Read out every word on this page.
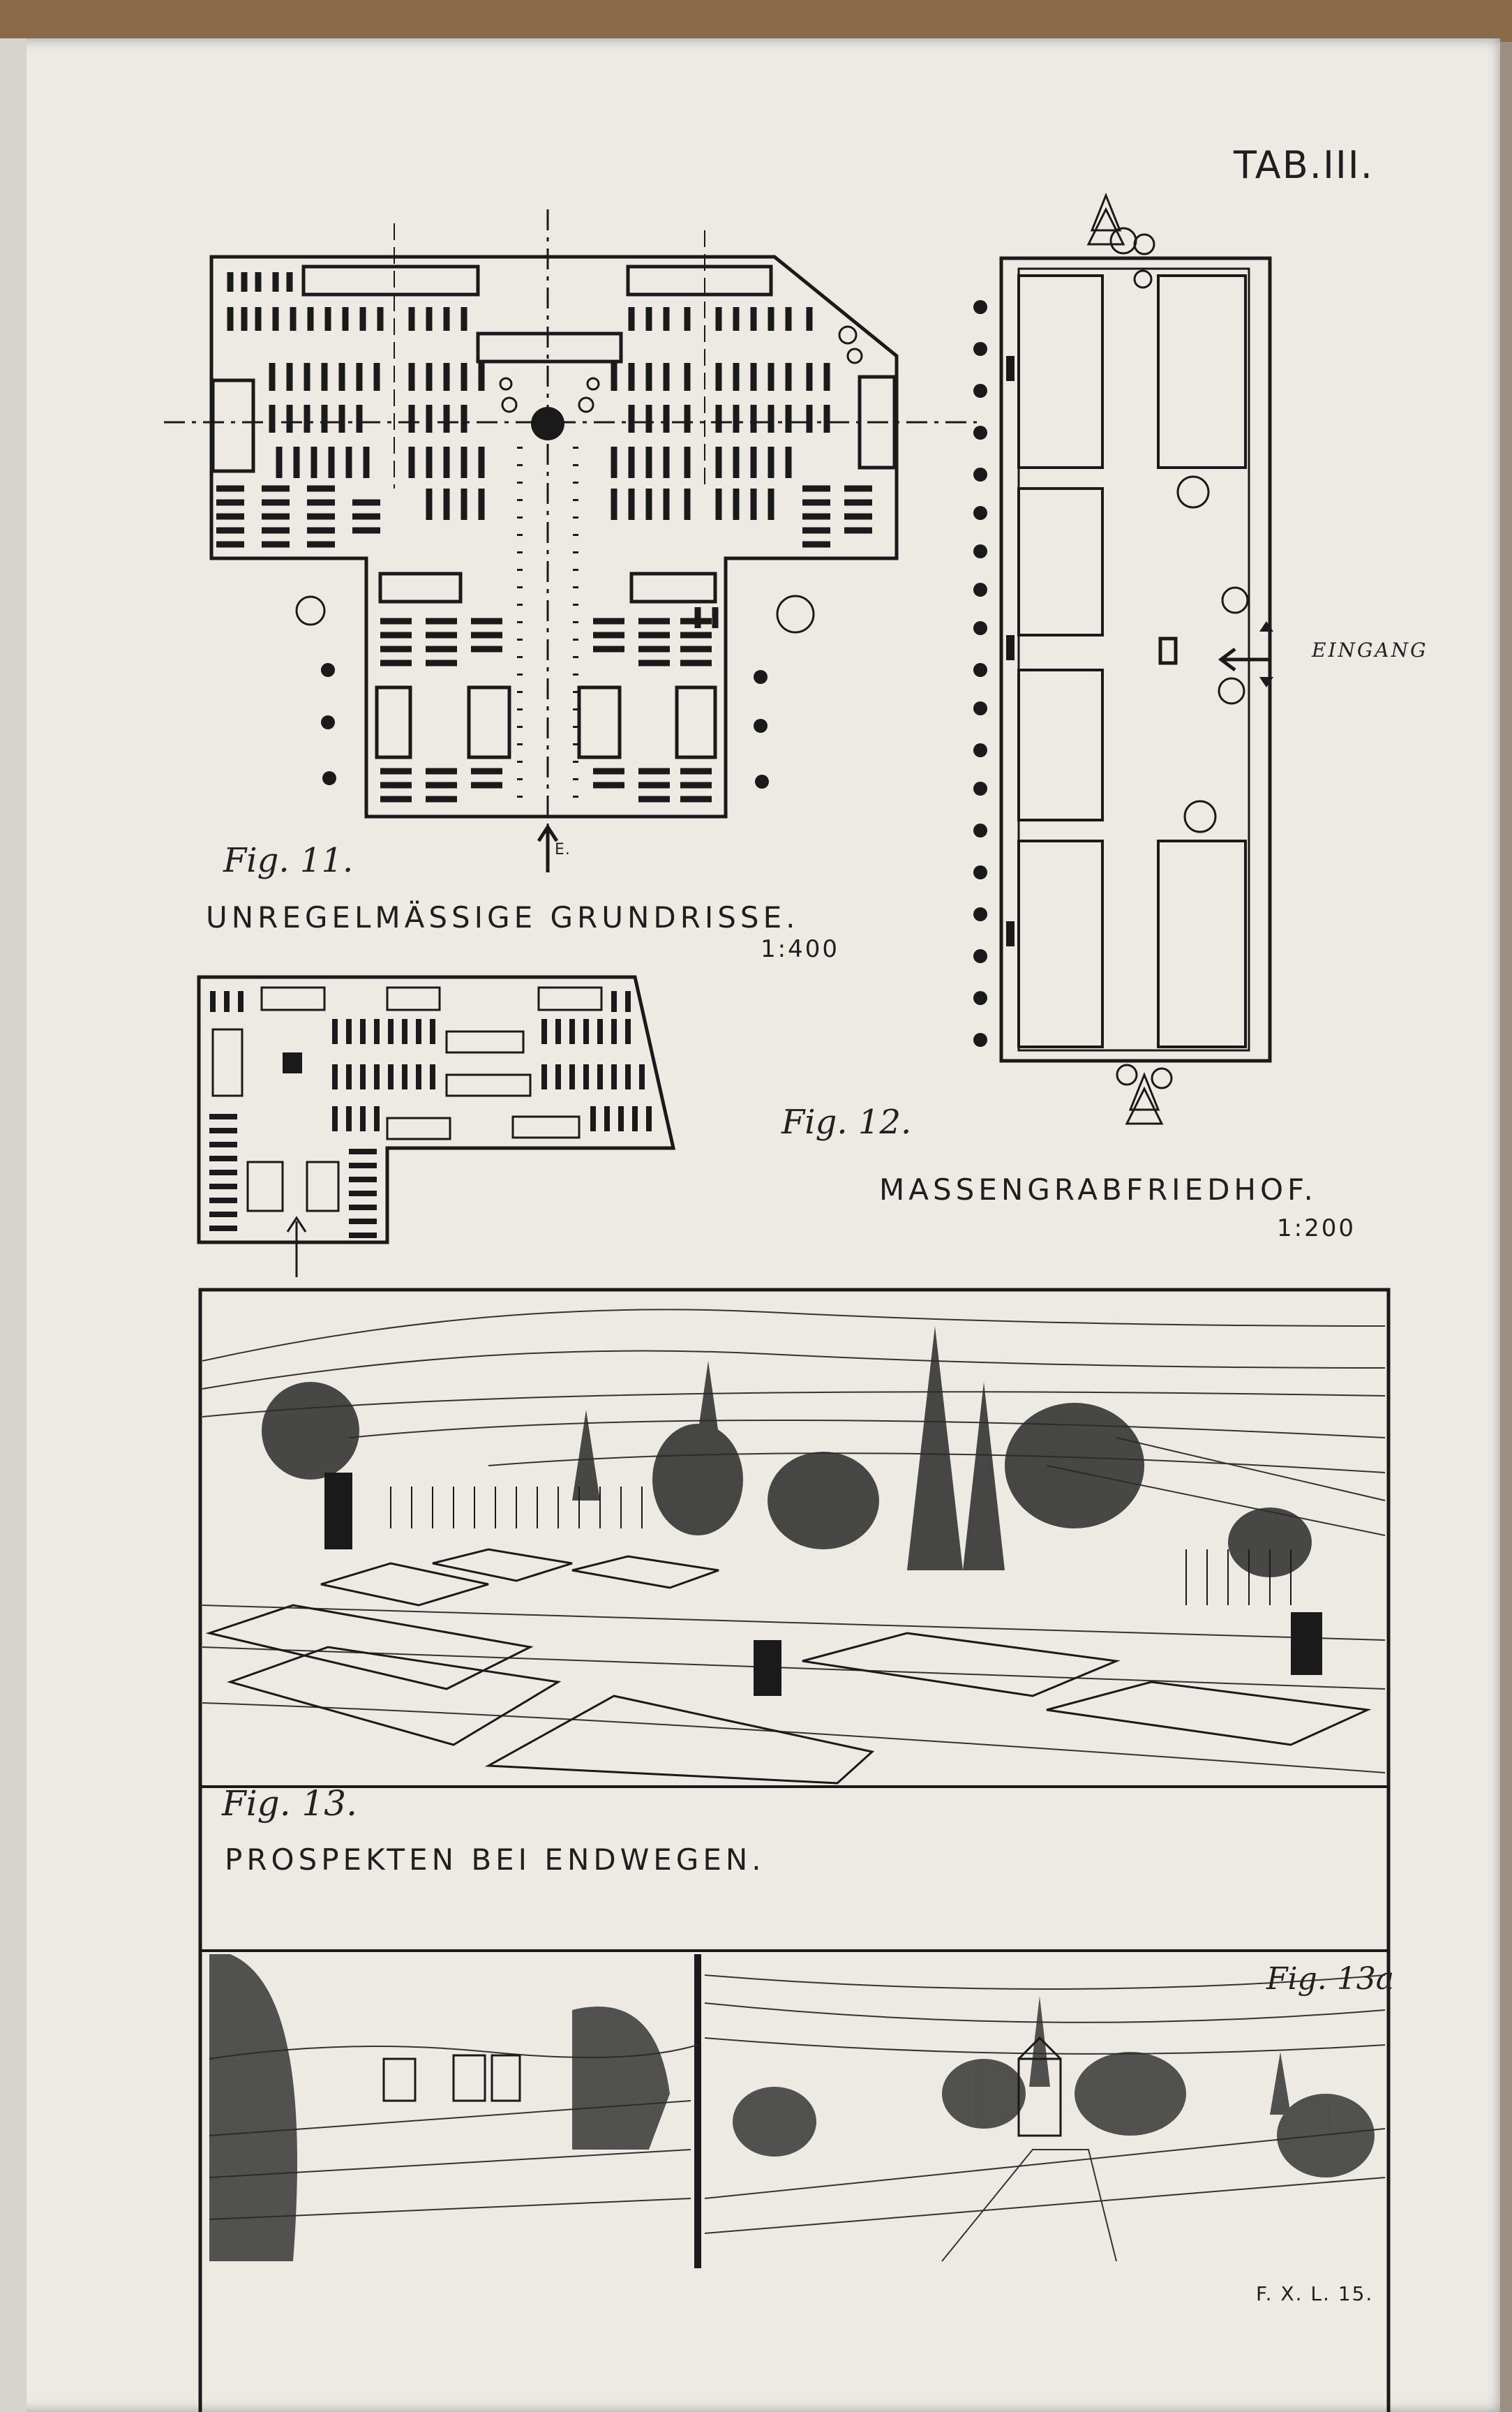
TAB.III.
Fig. 11.
UNREGELMÄSSIGE GRUNDRISSE.
1:400
E.
Fig. 12.
MASSENGRABFRIEDHOF.
1:200
EINGANG
Fig. 13.
PROSPEKTEN BEI ENDWEGEN.
Fig. 13a
F. X. L. 15.
